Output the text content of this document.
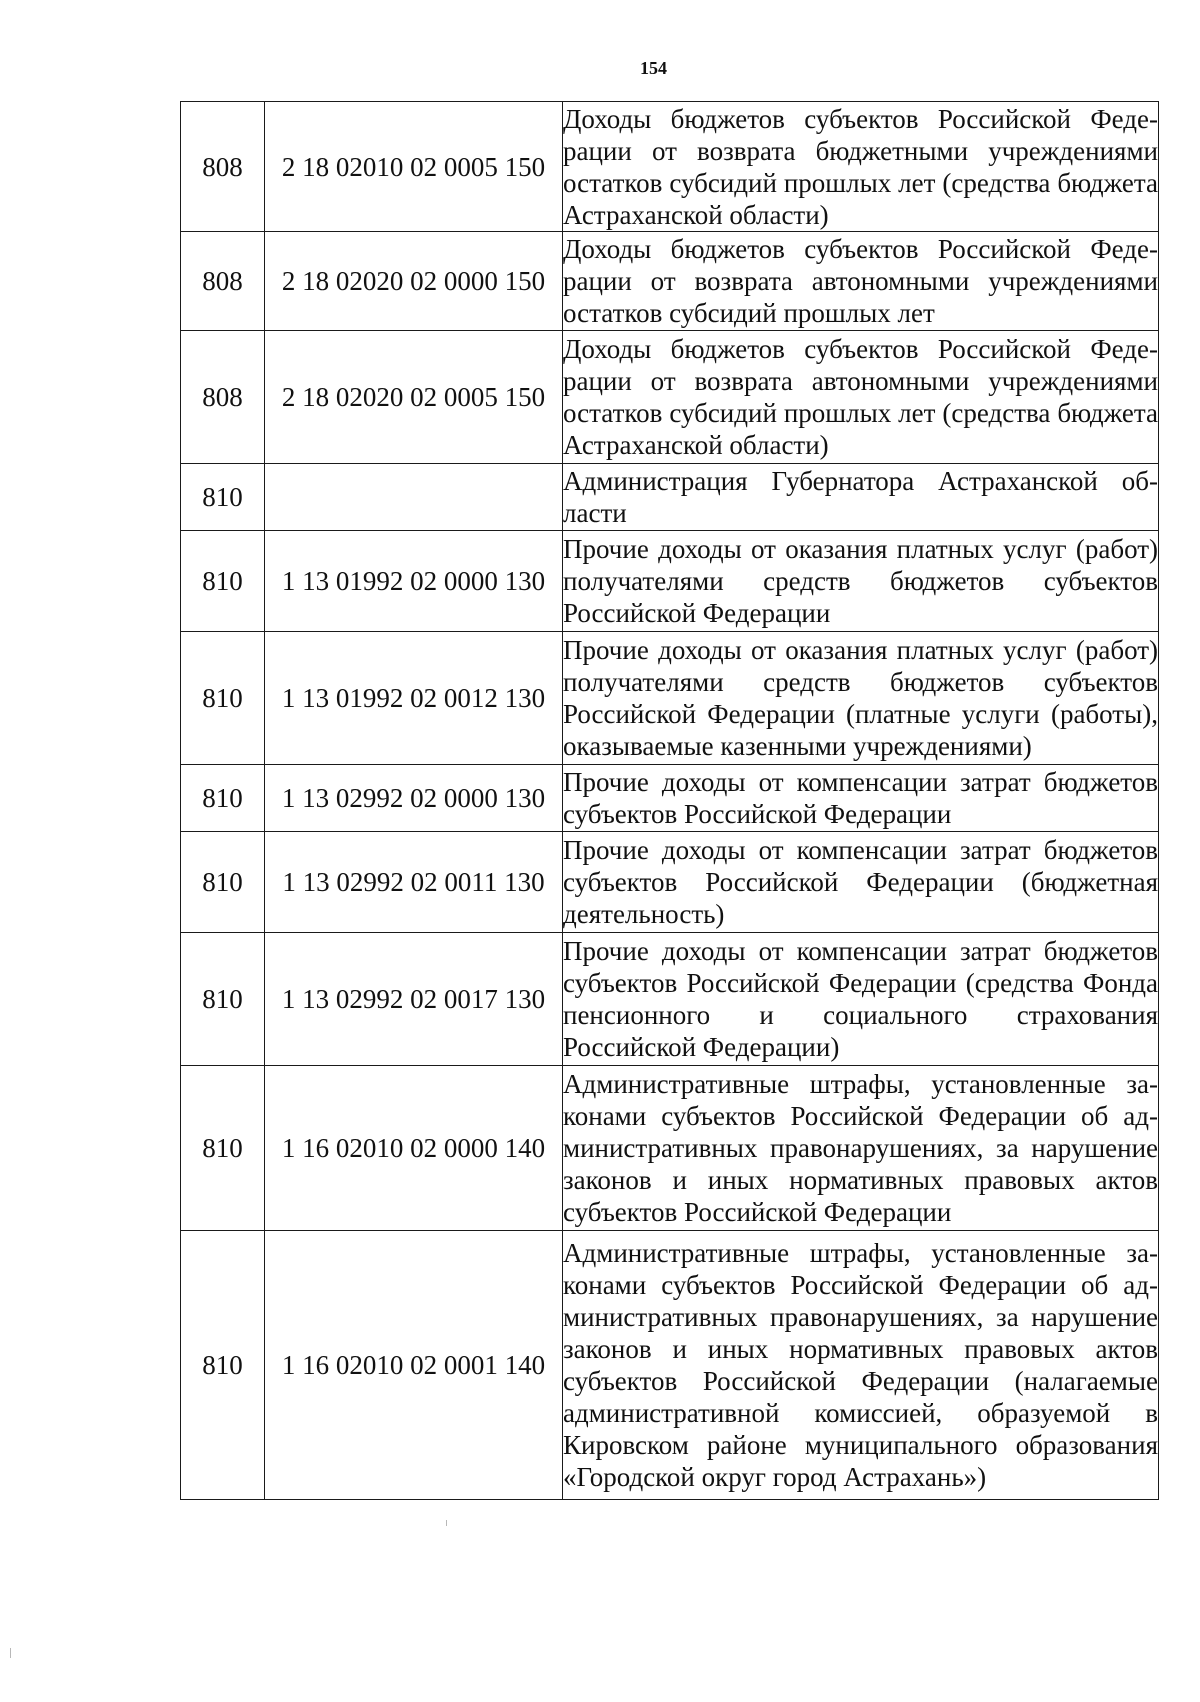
154
808	2 18 02010 02 0005 150	Доходы бюджетов субъектов Российской Федерации от возврата бюджетными учреждениями остатков субсидий прошлых лет (средства бюджета Астраханской области)
808	2 18 02020 02 0000 150	Доходы бюджетов субъектов Российской Федерации от возврата автономными учреждениями остатков субсидий прошлых лет
808	2 18 02020 02 0005 150	Доходы бюджетов субъектов Российской Федерации от возврата автономными учреждениями остатков субсидий прошлых лет (средства бюджета Астраханской области)
810		Администрация Губернатора Астраханской области
810	1 13 01992 02 0000 130	Прочие доходы от оказания платных услуг (работ) получателями средств бюджетов субъектов Российской Федерации
810	1 13 01992 02 0012 130	Прочие доходы от оказания платных услуг (работ) получателями средств бюджетов субъектов Российской Федерации (платные услуги (работы), оказываемые казенными учреждениями)
810	1 13 02992 02 0000 130	Прочие доходы от компенсации затрат бюджетов субъектов Российской Федерации
810	1 13 02992 02 0011 130	Прочие доходы от компенсации затрат бюджетов субъектов Российской Федерации (бюджетная деятельность)
810	1 13 02992 02 0017 130	Прочие доходы от компенсации затрат бюджетов субъектов Российской Федерации (средства Фонда пенсионного и социального страхования Российской Федерации)
810	1 16 02010 02 0000 140	Административные штрафы, установленные законами субъектов Российской Федерации об административных правонарушениях, за нарушение законов и иных нормативных правовых актов субъектов Российской Федерации
810	1 16 02010 02 0001 140	Административные штрафы, установленные законами субъектов Российской Федерации об административных правонарушениях, за нарушение законов и иных нормативных правовых актов субъектов Российской Федерации (налагаемые административной комиссией, образуемой в Кировском районе муниципального образования «Городской округ город Астрахань»)
